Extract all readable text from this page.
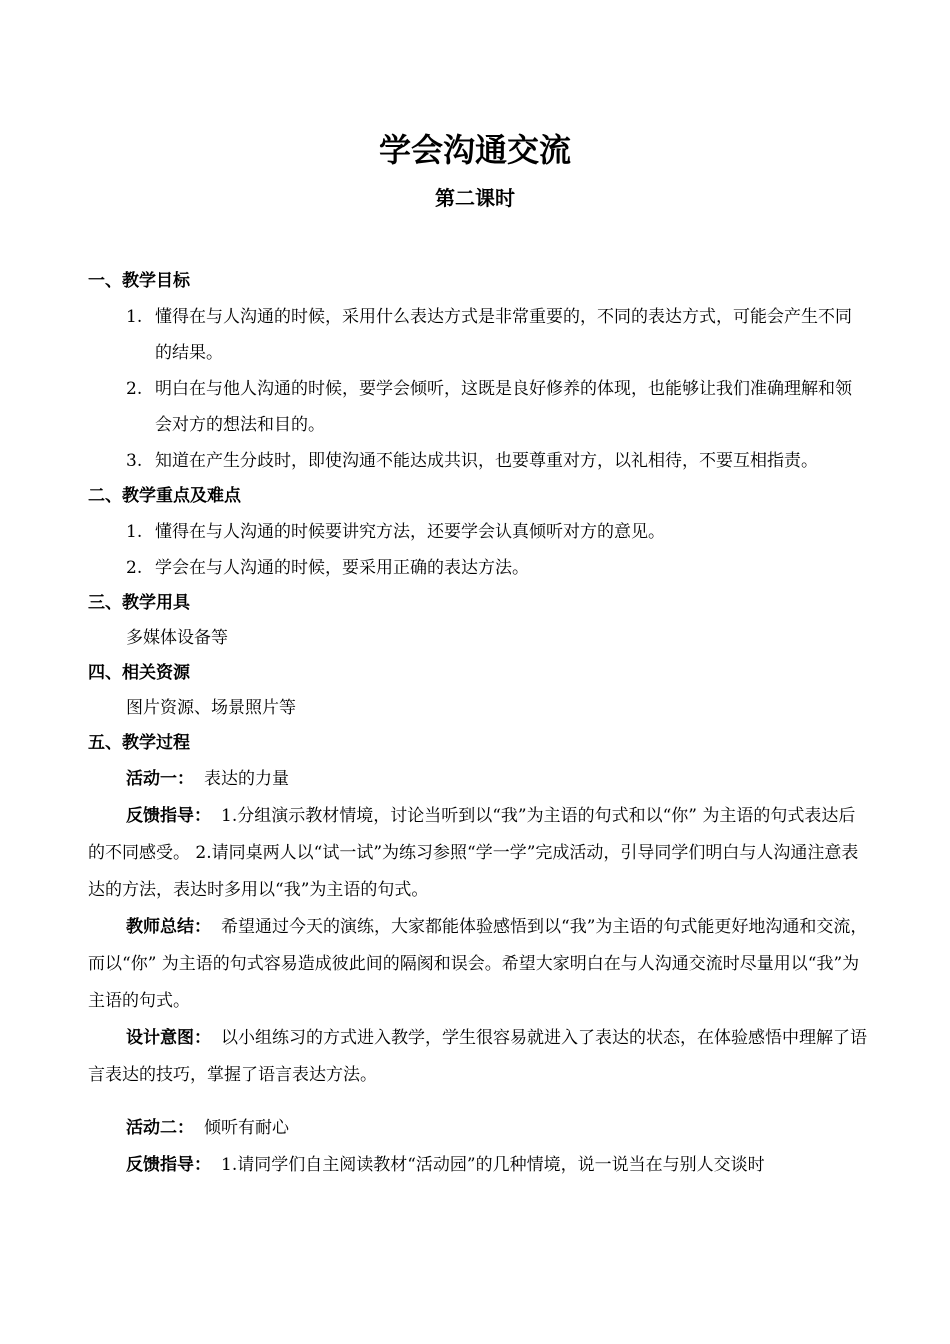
学会沟通交流
第二课时
一、教学目标
1. 懂得在与人沟通的时候，采用什么表达方式是非常重要的，不同的表达方式，可能会产生不同的结果。
2. 明白在与他人沟通的时候，要学会倾听，这既是良好修养的体现，也能够让我们准确理解和领会对方的想法和目的。
3. 知道在产生分歧时，即使沟通不能达成共识，也要尊重对方，以礼相待，不要互相指责。
二、教学重点及难点
1. 懂得在与人沟通的时候要讲究方法，还要学会认真倾听对方的意见。
2. 学会在与人沟通的时候，要采用正确的表达方法。
三、教学用具
多媒体设备等
四、相关资源
图片资源、场景照片等
五、教学过程
活动一： 表达的力量
反馈指导： 1.分组演示教材情境，讨论当听到以“我”为主语的句式和以“你” 为主语的句式表达后的不同感受。 2.请同桌两人以“试一试”为练习参照“学一学”完成活动，引导同学们明白与人沟通注意表达的方法，表达时多用以“我”为主语的句式。
教师总结： 希望通过今天的演练，大家都能体验感悟到以“我”为主语的句式能更好地沟通和交流，而以“你” 为主语的句式容易造成彼此间的隔阂和误会。希望大家明白在与人沟通交流时尽量用以“我”为主语的句式。
设计意图： 以小组练习的方式进入教学，学生很容易就进入了表达的状态，在体验感悟中理解了语言表达的技巧，掌握了语言表达方法。
活动二： 倾听有耐心
反馈指导： 1.请同学们自主阅读教材“活动园”的几种情境，说一说当在与别人交谈时
